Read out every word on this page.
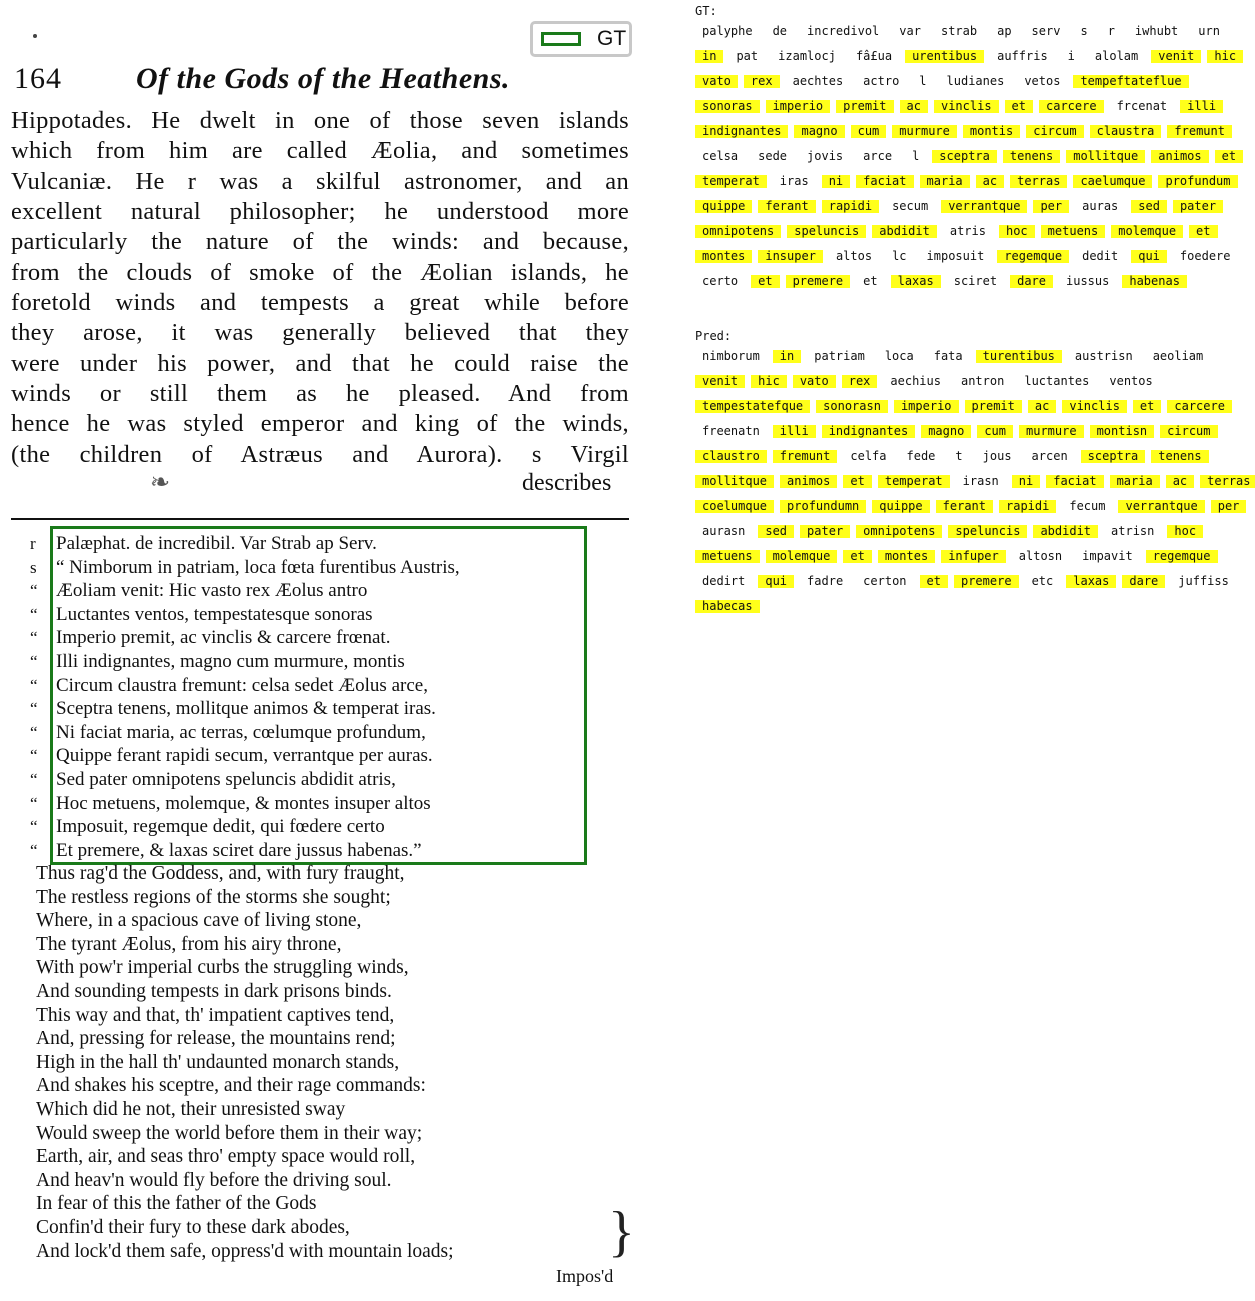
GT
164 Of the Gods of the Heathens.
Hippotades. He dwelt in one of those seven islands
which from him are called Æolia, and sometimes
Vulcaniæ. He r was a skilful astronomer, and an
excellent natural philosopher; he understood more
particularly the nature of the winds: and because,
from the clouds of smoke of the Æolian islands, he
foretold winds and tempests a great while before
they arose, it was generally believed that they
were under his power, and that he could raise the
winds or still them as he pleased. And from
hence he was styled emperor and king of the winds,
(the children of Astræus and Aurora). s Virgil
❧	describes
r Palæphat. de incredibil. Var Strab ap Serv.
s “ Nimborum in patriam, loca fœta furentibus Austris,
“ Æoliam venit: Hic vasto rex Æolus antro
“ Luctantes ventos, tempestatesque sonoras
“ Imperio premit, ac vinclis & carcere frœnat.
“ Illi indignantes, magno cum murmure, montis
“ Circum claustra fremunt: celsa sedet Æolus arce,
“ Sceptra tenens, mollitque animos & temperat iras.
“ Ni faciat maria, ac terras, cœlumque profundum,
“ Quippe ferant rapidi secum, verrantque per auras.
“ Sed pater omnipotens speluncis abdidit atris,
“ Hoc metuens, molemque, & montes insuper altos
“ Imposuit, regemque dedit, qui fœdere certo
“ Et premere, & laxas sciret dare jussus habenas.”
Thus rag'd the Goddess, and, with fury fraught,
The restless regions of the storms she sought;
Where, in a spacious cave of living stone,
The tyrant Æolus, from his airy throne,
With pow'r imperial curbs the struggling winds,
And sounding tempests in dark prisons binds.
This way and that, th' impatient captives tend,
And, pressing for release, the mountains rend;
High in the hall th' undaunted monarch stands,
And shakes his sceptre, and their rage commands:
Which did he not, their unresisted sway
Would sweep the world before them in their way;
Earth, air, and seas thro' empty space would roll,
And heav'n would fly before the driving soul.
In fear of this the father of the Gods
Confin'd their fury to these dark abodes,
And lock'd them safe, oppress'd with mountain loads;	}
Impos'd
GT:
palyphe de incredivol var strab ap serv s r iwhubt urn
in pat izamlocj fâ£ua urentibus auffris i alolam venit hic
vato rex aechtes actro l ludianes vetos tempeftateflue
sonoras imperio premit ac vinclis et carcere frcenat illi
indignantes magno cum murmure montis circum claustra fremunt
celsa sede jovis arce l sceptra tenens mollitque animos et
temperat iras ni faciat maria ac terras caelumque profundum
quippe ferant rapidi secum verrantque per auras sed pater
omnipotens speluncis abdidit atris hoc metuens molemque et
montes insuper altos lc imposuit regemque dedit qui foedere
certo et premere et laxas sciret dare iussus habenas
Pred:
nimborum in patriam loca fata turentibus austrisn aeoliam
venit hic vato rex aechius antron luctantes ventos
tempestatefque sonorasn imperio premit ac vinclis et carcere
freenatn illi indignantes magno cum murmure montisn circum
claustro fremunt celfa fede t jous arcen sceptra tenens
mollitque animos et temperat irasn ni faciat maria ac terras
coelumque profundumn quippe ferant rapidi fecum verrantque per
aurasn sed pater omnipotens speluncis abdidit atrisn hoc
metuens molemque et montes infuper altosn impavit regemque
dedirt qui fadre certon et premere etc laxas dare juffiss
habecas
